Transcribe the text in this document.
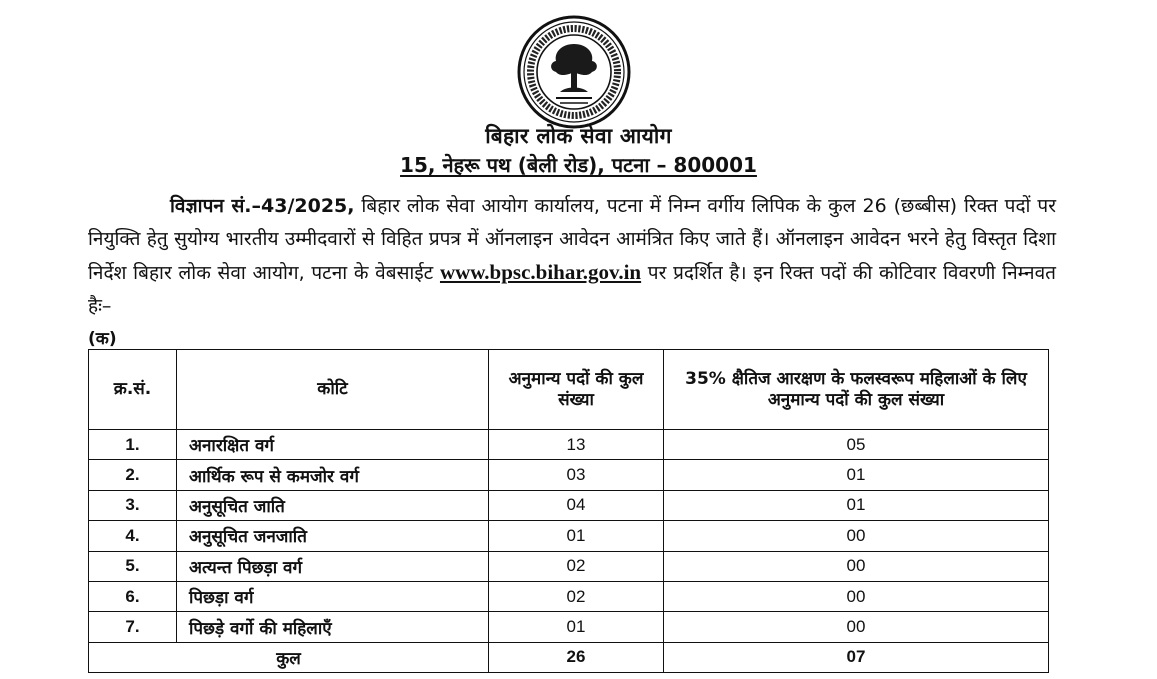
बिहार लोक सेवा आयोग
15, नेहरू पथ (बेली रोड), पटना – 800001
विज्ञापन सं.–43/2025, बिहार लोक सेवा आयोग कार्यालय, पटना में निम्न वर्गीय लिपिक के कुल 26 (छब्बीस) रिक्त पदों पर नियुक्ति हेतु सुयोग्य भारतीय उम्मीदवारों से विहित प्रपत्र में ऑनलाइन आवेदन आमंत्रित किए जाते हैं। ऑनलाइन आवेदन भरने हेतु विस्तृत दिशा निर्देश बिहार लोक सेवा आयोग, पटना के वेबसाईट www.bpsc.bihar.gov.in पर प्रदर्शित है। इन रिक्त पदों की कोटिवार विवरणी निम्नवत हैः–
(क)
क्र.सं.	कोटि	अनुमान्य पदों की कुल संख्या	35% क्षैतिज आरक्षण के फलस्वरूप महिलाओं के लिए अनुमान्य पदों की कुल संख्या
1.	अनारक्षित वर्ग	13	05
2.	आर्थिक रूप से कमजोर वर्ग	03	01
3.	अनुसूचित जाति	04	01
4.	अनुसूचित जनजाति	01	00
5.	अत्यन्त पिछड़ा वर्ग	02	00
6.	पिछड़ा वर्ग	02	00
7.	पिछड़े वर्गो की महिलाएँ	01	00
कुल		26	07
